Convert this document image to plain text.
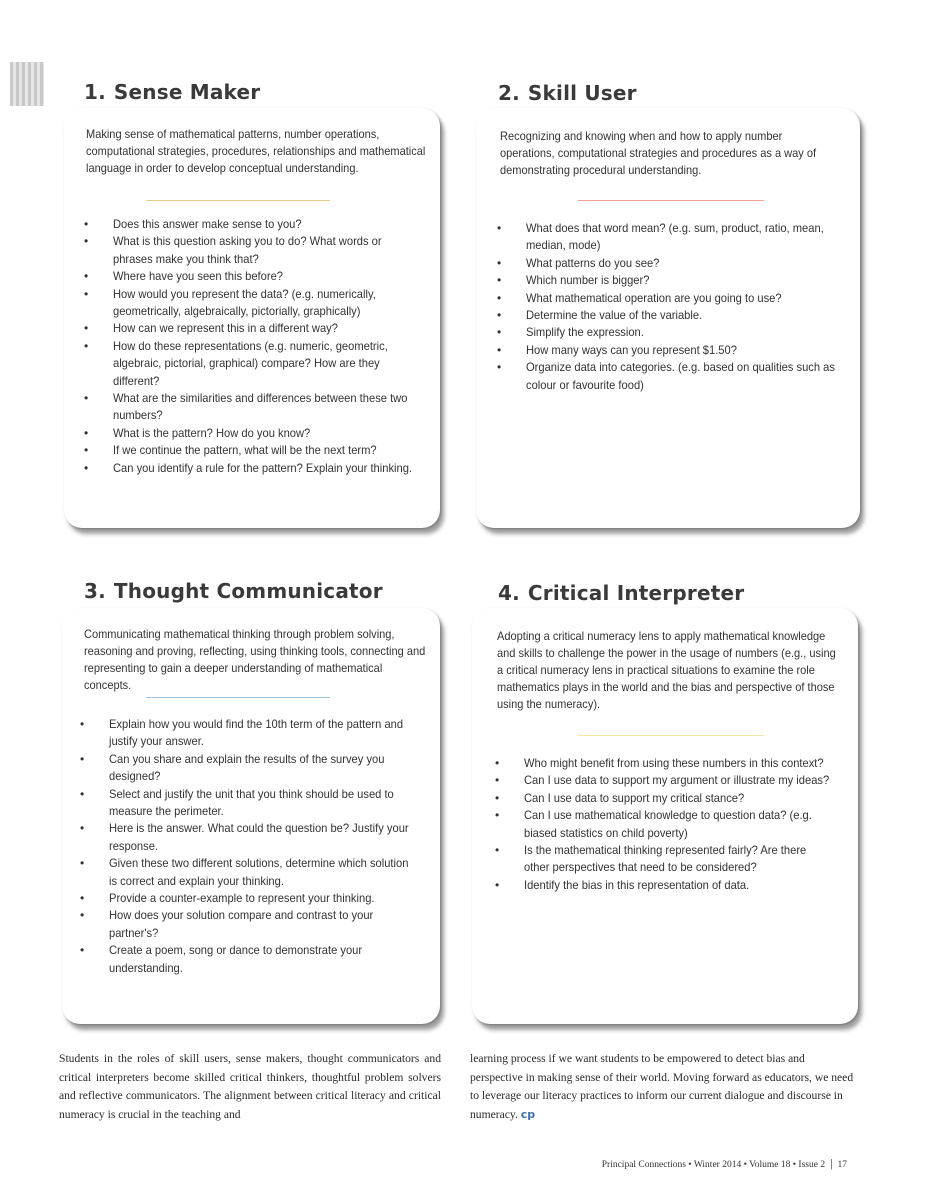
1. Sense Maker

Making sense of mathematical patterns, number operations, computational strategies, procedures, relationships and mathematical language in order to develop conceptual understanding.

• Does this answer make sense to you?
• What is this question asking you to do? What words or phrases make you think that?
• Where have you seen this before?
• How would you represent the data? (e.g. numerically, geometrically, algebraically, pictorially, graphically)
• How can we represent this in a different way?
• How do these representations (e.g. numeric, geometric, algebraic, pictorial, graphical) compare? How are they different?
• What are the similarities and differences between these two numbers?
• What is the pattern? How do you know?
• If we continue the pattern, what will be the next term?
• Can you identify a rule for the pattern? Explain your thinking.
2. Skill User

Recognizing and knowing when and how to apply number operations, computational strategies and procedures as a way of demonstrating procedural understanding.

• What does that word mean? (e.g. sum, product, ratio, mean, median, mode)
• What patterns do you see?
• Which number is bigger?
• What mathematical operation are you going to use?
• Determine the value of the variable.
• Simplify the expression.
• How many ways can you represent $1.50?
• Organize data into categories. (e.g. based on qualities such as colour or favourite food)
3. Thought Communicator

Communicating mathematical thinking through problem solving, reasoning and proving, reflecting, using thinking tools, connecting and representing to gain a deeper understanding of mathematical concepts.

• Explain how you would find the 10th term of the pattern and justify your answer.
• Can you share and explain the results of the survey you designed?
• Select and justify the unit that you think should be used to measure the perimeter.
• Here is the answer. What could the question be? Justify your response.
• Given these two different solutions, determine which solution is correct and explain your thinking.
• Provide a counter-example to represent your thinking.
• How does your solution compare and contrast to your partner's?
• Create a poem, song or dance to demonstrate your understanding.
4. Critical Interpreter

Adopting a critical numeracy lens to apply mathematical knowledge and skills to challenge the power in the usage of numbers (e.g., using a critical numeracy lens in practical situations to examine the role mathematics plays in the world and the bias and perspective of those using the numeracy).

• Who might benefit from using these numbers in this context?
• Can I use data to support my argument or illustrate my ideas?
• Can I use data to support my critical stance?
• Can I use mathematical knowledge to question data? (e.g. biased statistics on child poverty)
• Is the mathematical thinking represented fairly? Are there other perspectives that need to be considered?
• Identify the bias in this representation of data.

Students in the roles of skill users, sense makers, thought communicators and critical interpreters become skilled critical thinkers, thoughtful problem solvers and reflective communicators. The alignment between critical literacy and critical numeracy is crucial in the teaching and

learning process if we want students to be empowered to detect bias and perspective in making sense of their world. Moving forward as educators, we need to leverage our literacy practices to inform our current dialogue and discourse in numeracy. cp

Principal Connections • Winter 2014 • Volume 18 • Issue 2 | 17
